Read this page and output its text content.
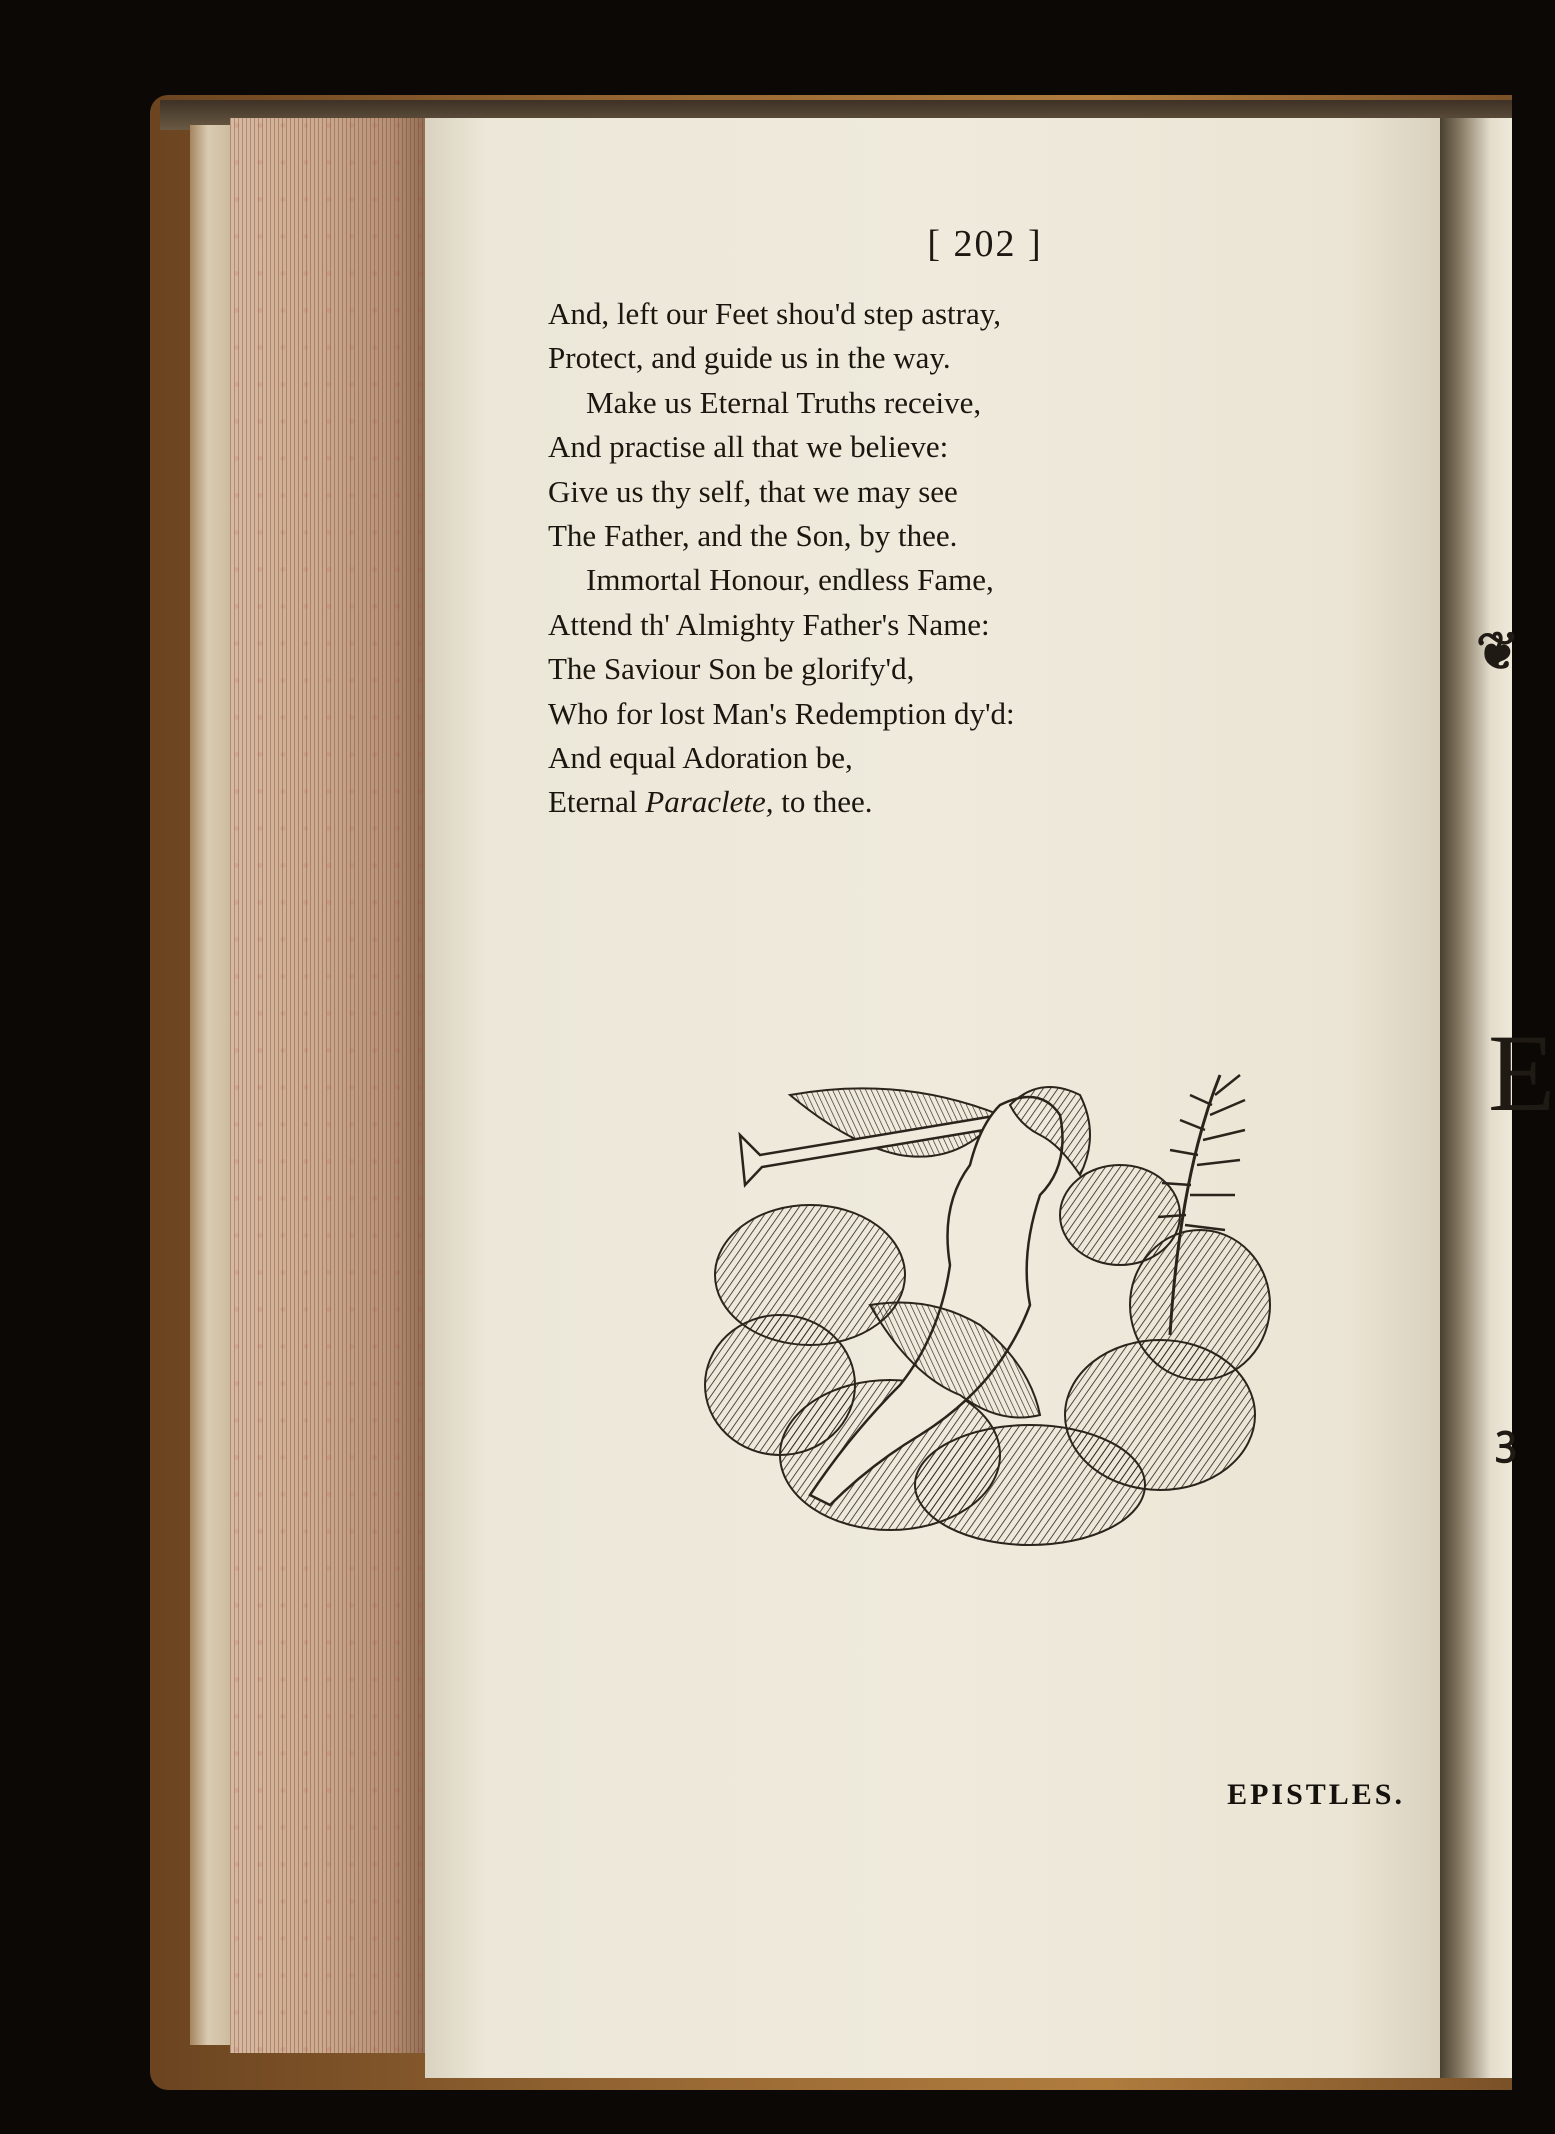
❦
E
ꝫ
[ 202 ]
And, left our Feet shou'd step astray,
Protect, and guide us in the way.
Make us Eternal Truths receive,
And practise all that we believe:
Give us thy self, that we may see
The Father, and the Son, by thee.
Immortal Honour, endless Fame,
Attend th' Almighty Father's Name:
The Saviour Son be glorify'd,
Who for lost Man's Redemption dy'd:
And equal Adoration be,
Eternal Paraclete, to thee.
EPISTLES.
